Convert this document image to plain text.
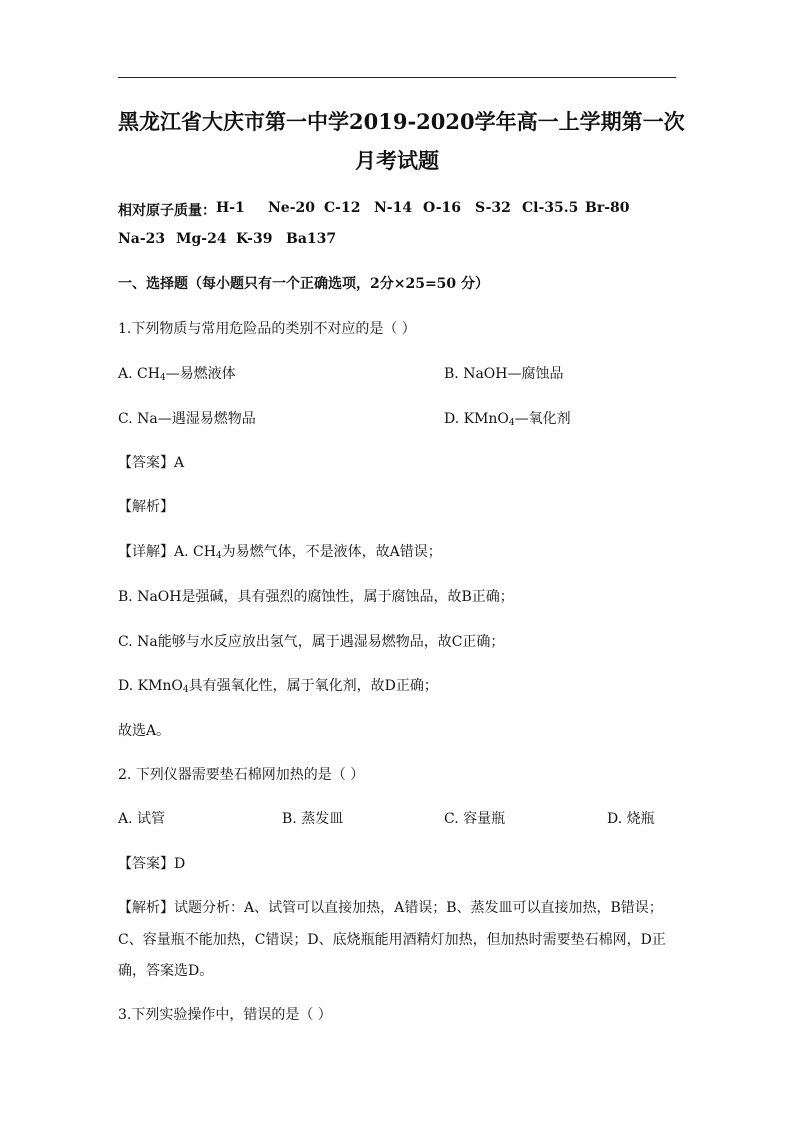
黑龙江省大庆市第一中学2019-2020学年高一上学期第一次
月考试题
相对原子质量： H-1 Ne-20 C-12 N-14 O-16 S-32 Cl-35.5 Br-80
Na-23 Mg-24 K-39 Ba137
一、选择题（每小题只有一个正确选项，2分×25=50 分）
1.下列物质与常用危险品的类别不对应的是（ ）
A. $CH_4—$易燃液体	B. NaOH—腐蚀品
C. Na—遇湿易燃物品	D. KMnO$_4$—氧化剂
【答案】A
【解析】
【详解】A. $CH_4$为易燃气体，不是液体，故A错误；
B. NaOH是强碱，具有强烈的腐蚀性，属于腐蚀品，故B正确；
C. Na能够与水反应放出氢气，属于遇湿易燃物品，故C正确；
D. KMnO$_4$具有强氧化性，属于氧化剂，故D正确；
故选A。
2. 下列仪器需要垫石棉网加热的是（ ）
A. 试管	B. 蒸发皿	C. 容量瓶	D. 烧瓶
【答案】D
【解析】试题分析：A、试管可以直接加热，A错误；B、蒸发皿可以直接加热，B错误；
C、容量瓶不能加热，C错误；D、底烧瓶能用酒精灯加热，但加热时需要垫石棉网，D正
确，答案选D。
3.下列实验操作中，错误的是（ ）
